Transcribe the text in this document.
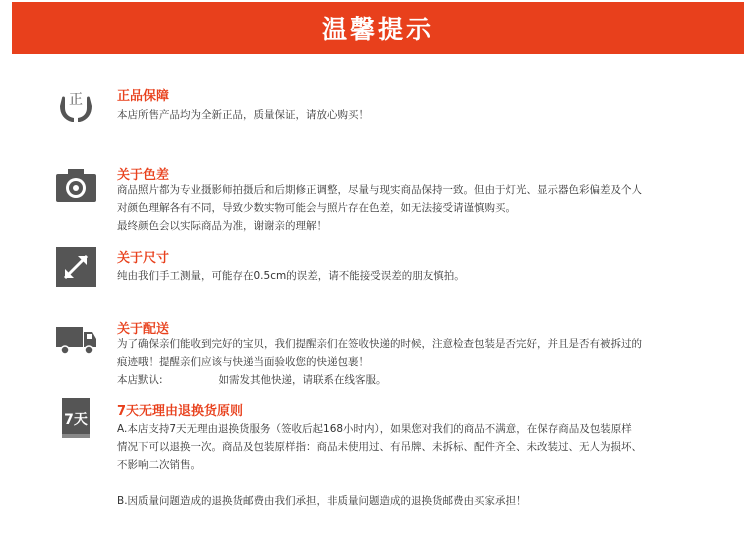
温馨提示
正	正品保障

本店所售产品均为全新正品，质量保证，请放心购买！

关于色差

商品照片都为专业摄影师拍摄后和后期修正调整，尽量与现实商品保持一致。但由于灯光、显示器色彩偏差及个人

对颜色理解各有不同，导致少数实物可能会与照片存在色差，如无法接受请谨慎购买。

最终颜色会以实际商品为准，谢谢亲的理解！

关于尺寸

纯由我们手工测量，可能存在0.5cm的误差，请不能接受误差的朋友慎拍。

关于配送

为了确保亲们能收到完好的宝贝，我们提醒亲们在签收快递的时候，注意检查包装是否完好，并且是否有被拆过的

痕迹哦！提醒亲们应该与快递当面验收您的快递包裹！

本店默认:	如需发其他快递，请联系在线客服。

7天
7天无理由退换货原则

A.本店支持7天无理由退换货服务（签收后起168小时内），如果您对我们的商品不满意，在保存商品及包装原样

情况下可以退换一次。商品及包装原样指：商品未使用过、有吊牌、未拆标、配件齐全、未改装过、无人为损坏、

不影响二次销售。

B.因质量问题造成的退换货邮费由我们承担，非质量问题造成的退换货邮费由买家承担！
